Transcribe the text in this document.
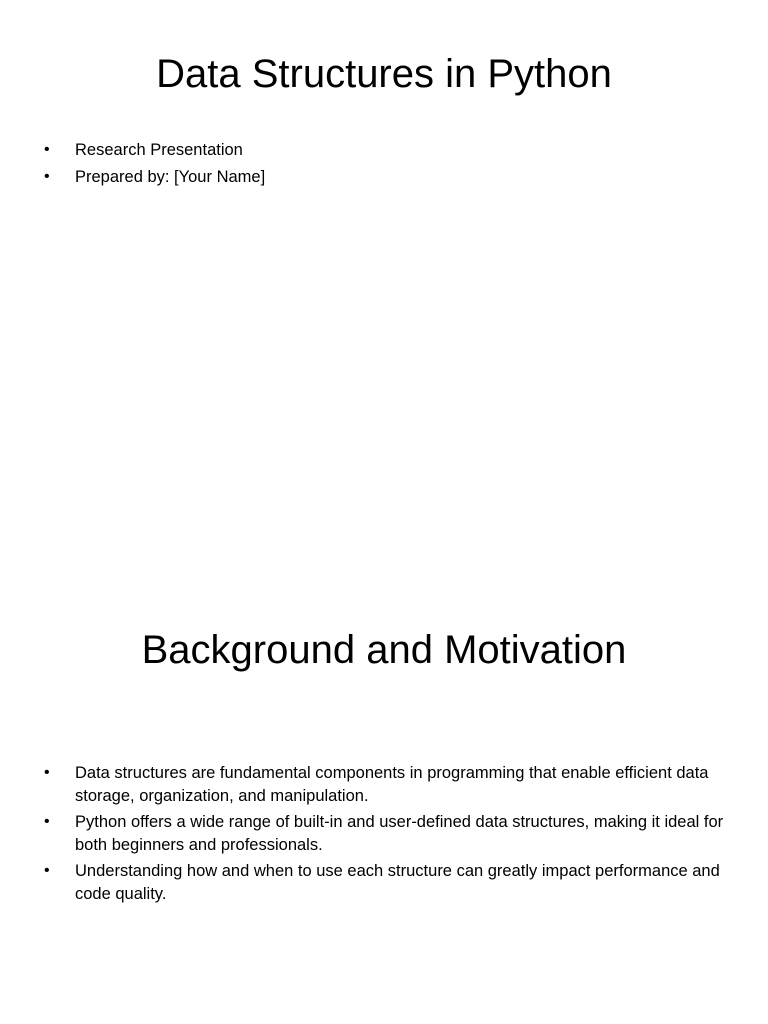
Data Structures in Python
•	Research Presentation
•	Prepared by: [Your Name]
Background and Motivation
•	Data structures are fundamental components in programming that enable efficient data storage, organization, and manipulation.
•	Python offers a wide range of built-in and user-defined data structures, making it ideal for both beginners and professionals.
•	Understanding how and when to use each structure can greatly impact performance and code quality.
